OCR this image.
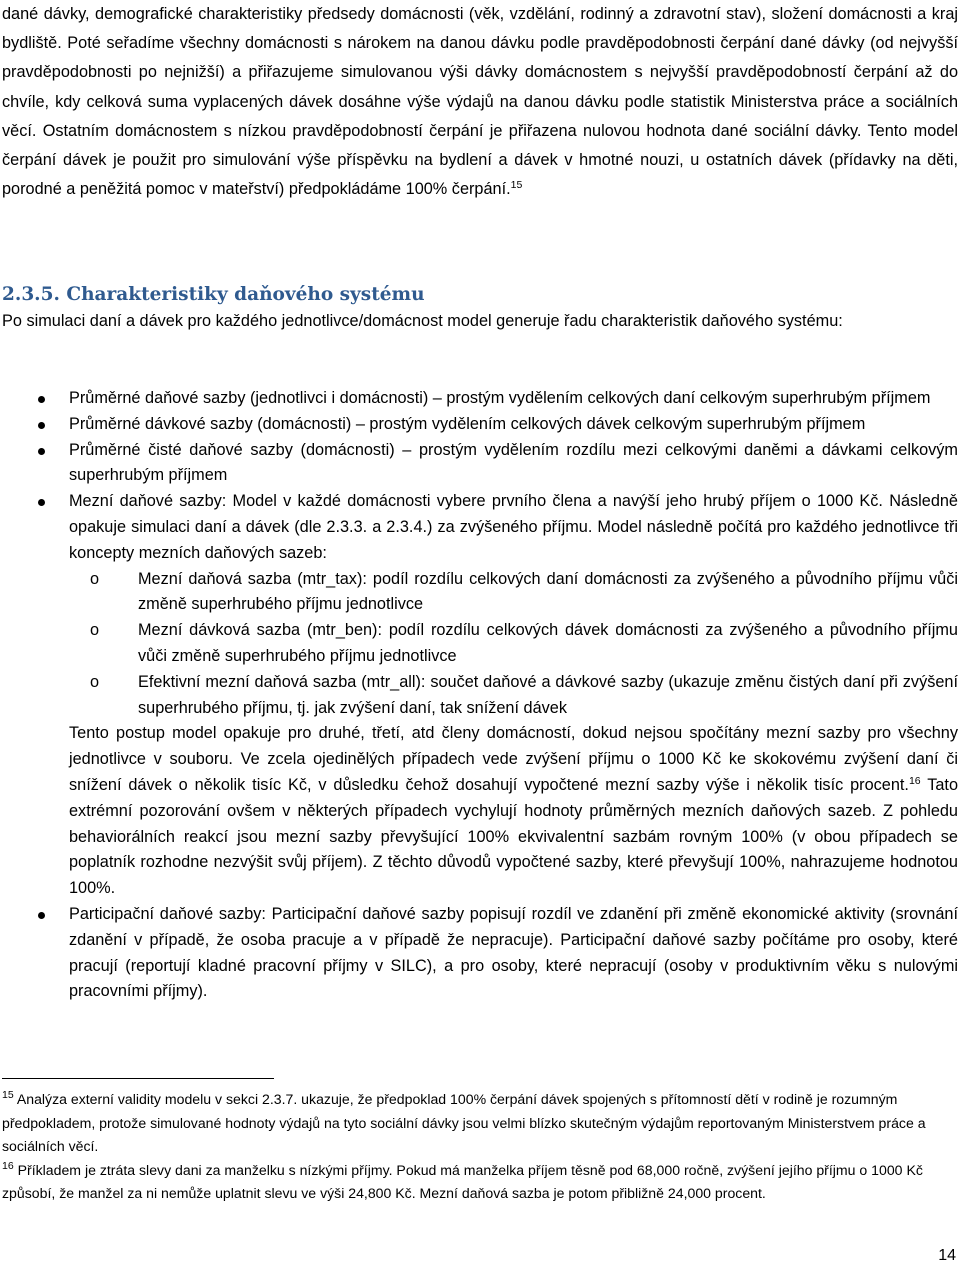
dané dávky, demografické charakteristiky předsedy domácnosti (věk, vzdělání, rodinný a zdravotní stav), složení domácnosti a kraj bydliště. Poté seřadíme všechny domácnosti s nárokem na danou dávku podle pravděpodobnosti čerpání dané dávky (od nejvyšší pravděpodobnosti po nejnižší) a přiřazujeme simulovanou výši dávky domácnostem s nejvyšší pravděpodobností čerpání až do chvíle, kdy celková suma vyplacených dávek dosáhne výše výdajů na danou dávku podle statistik Ministerstva práce a sociálních věcí. Ostatním domácnostem s nízkou pravděpodobností čerpání je přiřazena nulovou hodnota dané sociální dávky. Tento model čerpání dávek je použit pro simulování výše příspěvku na bydlení a dávek v hmotné nouzi, u ostatních dávek (přídavky na děti, porodné a peněžitá pomoc v mateřství) předpokládáme 100% čerpání.$^{15}$

2.3.5. Charakteristiky daňového systému

Po simulaci daní a dávek pro každého jednotlivce/domácnost model generuje řadu charakteristik daňového systému:

Průměrné daňové sazby (jednotlivci i domácnosti) – prostým vydělením celkových daní celkovým superhrubým příjmem
Průměrné dávkové sazby (domácnosti) – prostým vydělením celkových dávek celkovým superhrubým příjmem
Průměrné čisté daňové sazby (domácnosti) – prostým vydělením rozdílu mezi celkovými daněmi a dávkami celkovým superhrubým příjmem
Mezní daňové sazby: Model v každé domácnosti vybere prvního člena a navýší jeho hrubý příjem o 1000 Kč. Následně opakuje simulaci daní a dávek (dle 2.3.3. a 2.3.4.) za zvýšeného příjmu. Model následně počítá pro každého jednotlivce tři koncepty mezních daňových sazeb:
o Mezní daňová sazba (mtr_tax): podíl rozdílu celkových daní domácnosti za zvýšeného a původního příjmu vůči změně superhrubého příjmu jednotlivce
o Mezní dávková sazba (mtr_ben): podíl rozdílu celkových dávek domácnosti za zvýšeného a původního příjmu vůči změně superhrubého příjmu jednotlivce
o Efektivní mezní daňová sazba (mtr_all): součet daňové a dávkové sazby (ukazuje změnu čistých daní při zvýšení superhrubého příjmu, tj. jak zvýšení daní, tak snížení dávek
Tento postup model opakuje pro druhé, třetí, atd členy domácností, dokud nejsou spočítány mezní sazby pro všechny jednotlivce v souboru. Ve zcela ojedinělých případech vede zvýšení příjmu o 1000 Kč ke skokovému zvýšení daní či snížení dávek o několik tisíc Kč, v důsledku čehož dosahují vypočtené mezní sazby výše i několik tisíc procent.$^{16}$ Tato extrémní pozorování ovšem v některých případech vychylují hodnoty průměrných mezních daňových sazeb. Z pohledu behaviorálních reakcí jsou mezní sazby převyšující 100% ekvivalentní sazbám rovným 100% (v obou případech se poplatník rozhodne nezvýšit svůj příjem). Z těchto důvodů vypočtené sazby, které převyšují 100%, nahrazujeme hodnotou 100%.
Participační daňové sazby: Participační daňové sazby popisují rozdíl ve zdanění při změně ekonomické aktivity (srovnání zdanění v případě, že osoba pracuje a v případě že nepracuje). Participační daňové sazby počítáme pro osoby, které pracují (reportují kladné pracovní příjmy v SILC), a pro osoby, které nepracují (osoby v produktivním věku s nulovými pracovními příjmy).

$^{15}$ Analýza externí validity modelu v sekci 2.3.7. ukazuje, že předpoklad 100% čerpání dávek spojených s přítomností dětí v rodině je rozumným předpokladem, protože simulované hodnoty výdajů na tyto sociální dávky jsou velmi blízko skutečným výdajům reportovaným Ministerstvem práce a sociálních věcí.

$^{16}$ Příkladem je ztráta slevy dani za manželku s nízkými příjmy. Pokud má manželka příjem těsně pod 68,000 ročně, zvýšení jejího příjmu o 1000 Kč způsobí, že manžel za ni nemůže uplatnit slevu ve výši 24,800 Kč. Mezní daňová sazba je potom přibližně 24,000 procent.

14
